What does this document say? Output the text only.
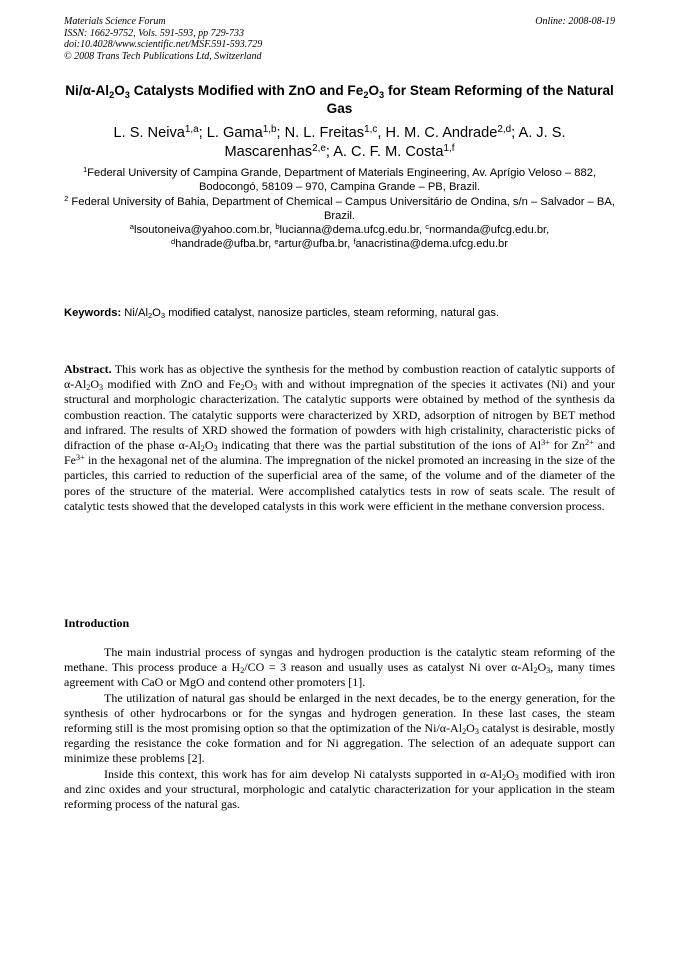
Materials Science Forum
ISSN: 1662-9752, Vols. 591-593, pp 729-733
doi:10.4028/www.scientific.net/MSF.591-593.729
© 2008 Trans Tech Publications Ltd, Switzerland
Online: 2008-08-19
$Ni/\alpha-Al_2O_3$ Catalysts Modified with ZnO and $Fe_2O_3$ for Steam Reforming of the Natural Gas
L. S. Neiva$^{1,a}$; L. Gama$^{1,b}$; N. L. Freitas$^{1,c}$, H. M. C. Andrade$^{2,d}$; A. J. S. Mascarenhas$^{2,e}$; A. C. F. M. Costa$^{1,f}$
$^1$Federal University of Campina Grande, Department of Materials Engineering, Av. Aprígio Veloso – 882, Bodocongó, 58109 – 970, Campina Grande – PB, Brazil.
$^2$ Federal University of Bahia, Department of Chemical – Campus Universitário de Ondina, s/n – Salvador – BA, Brazil.
$^a$lsoutoneiva@yahoo.com.br, $^b$lucianna@dema.ufcg.edu.br, $^c$normanda@ufcg.edu.br,
$^d$handrade@ufba.br, $^e$artur@ufba.br, $^f$anacristina@dema.ufcg.edu.br
Keywords: $Ni/Al_2O_3$ modified catalyst, nanosize particles, steam reforming, natural gas.
Abstract. This work has as objective the synthesis for the method by combustion reaction of catalytic supports of $\alpha-Al_2O_3$ modified with ZnO and $Fe_2O_3$ with and without impregnation of the species it activates (Ni) and your structural and morphologic characterization. The catalytic supports were obtained by method of the synthesis da combustion reaction. The catalytic supports were characterized by XRD, adsorption of nitrogen by BET method and infrared. The results of XRD showed the formation of powders with high cristalinity, characteristic picks of difraction of the phase $\alpha-Al_2O_3$ indicating that there was the partial substitution of the ions of $Al^{3+}$ for $Zn^{2+}$ and $Fe^{3+}$ in the hexagonal net of the alumina. The impregnation of the nickel promoted an increasing in the size of the particles, this carried to reduction of the superficial area of the same, of the volume and of the diameter of the pores of the structure of the material. Were accomplished catalytics tests in row of seats scale. The result of catalytic tests showed that the developed catalysts in this work were efficient in the methane conversion process.
Introduction

The main industrial process of syngas and hydrogen production is the catalytic steam reforming of the methane. This process produce a $H_2/CO = 3$ reason and usually uses as catalyst Ni over $\alpha-Al_2O_3$, many times agreement with CaO or MgO and contend other promoters [1].

The utilization of natural gas should be enlarged in the next decades, be to the energy generation, for the synthesis of other hydrocarbons or for the syngas and hydrogen generation. In these last cases, the steam reforming still is the most promising option so that the optimization of the $Ni/\alpha-Al_2O_3$ catalyst is desirable, mostly regarding the resistance the coke formation and for Ni aggregation. The selection of an adequate support can minimize these problems [2].

Inside this context, this work has for aim develop Ni catalysts supported in $\alpha-Al_2O_3$ modified with iron and zinc oxides and your structural, morphologic and catalytic characterization for your application in the steam reforming process of the natural gas.
